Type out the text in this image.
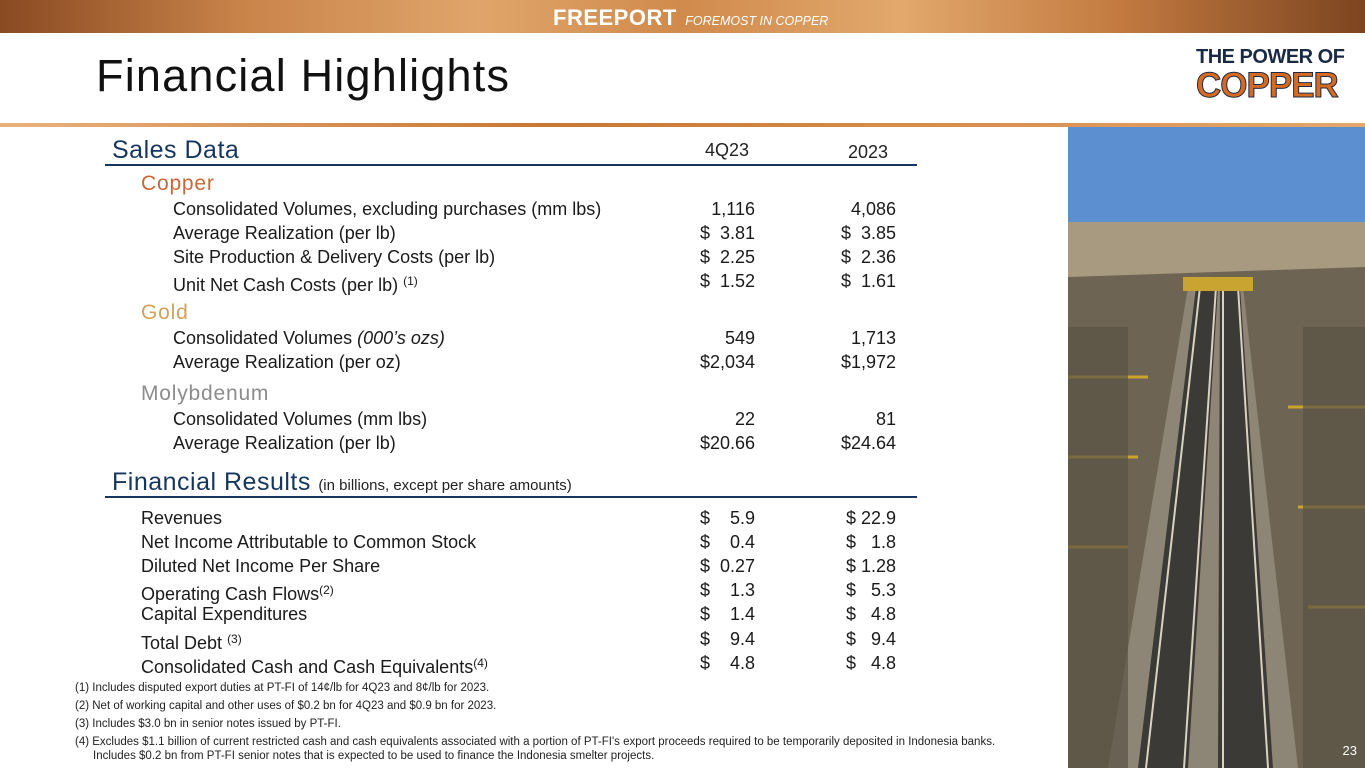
FREEPORT FOREMOST IN COPPER
Financial Highlights	THE POWER OF
COPPER
23
Sales Data	4Q23	2023
Copper
Consolidated Volumes, excluding purchases (mm lbs)	1,116	4,086
Average Realization (per lb)	$  3.81	$  3.85
Site Production & Delivery Costs (per lb)	$  2.25	$  2.36
Unit Net Cash Costs (per lb) $^{(1)}$	$  1.52	$  1.61
Gold
Consolidated Volumes (000’s ozs)	549	1,713
Average Realization (per oz)	$2,034	$1,972
Molybdenum
Consolidated Volumes (mm lbs)	22	81
Average Realization (per lb)	$20.66	$24.64
Financial Results (in billions, except per share amounts)
Revenues	$    5.9	$ 22.9
Net Income Attributable to Common Stock	$    0.4	$   1.8
Diluted Net Income Per Share	$  0.27	$ 1.28
Operating Cash Flows$^{(2)}$	$    1.3	$   5.3
Capital Expenditures	$    1.4	$   4.8
Total Debt $^{(3)}$	$    9.4	$   9.4
Consolidated Cash and Cash Equivalents$^{(4)}$	$    4.8	$   4.8
(1) Includes disputed export duties at PT-FI of 14¢/lb for 4Q23 and 8¢/lb for 2023.
(2) Net of working capital and other uses of $0.2 bn for 4Q23 and $0.9 bn for 2023.
(3) Includes $3.0 bn in senior notes issued by PT-FI.
(4) Excludes $1.1 billion of current restricted cash and cash equivalents associated with a portion of PT-FI's export proceeds required to be temporarily deposited in Indonesia banks. Includes $0.2 bn from PT-FI senior notes that is expected to be used to finance the Indonesia smelter projects.
